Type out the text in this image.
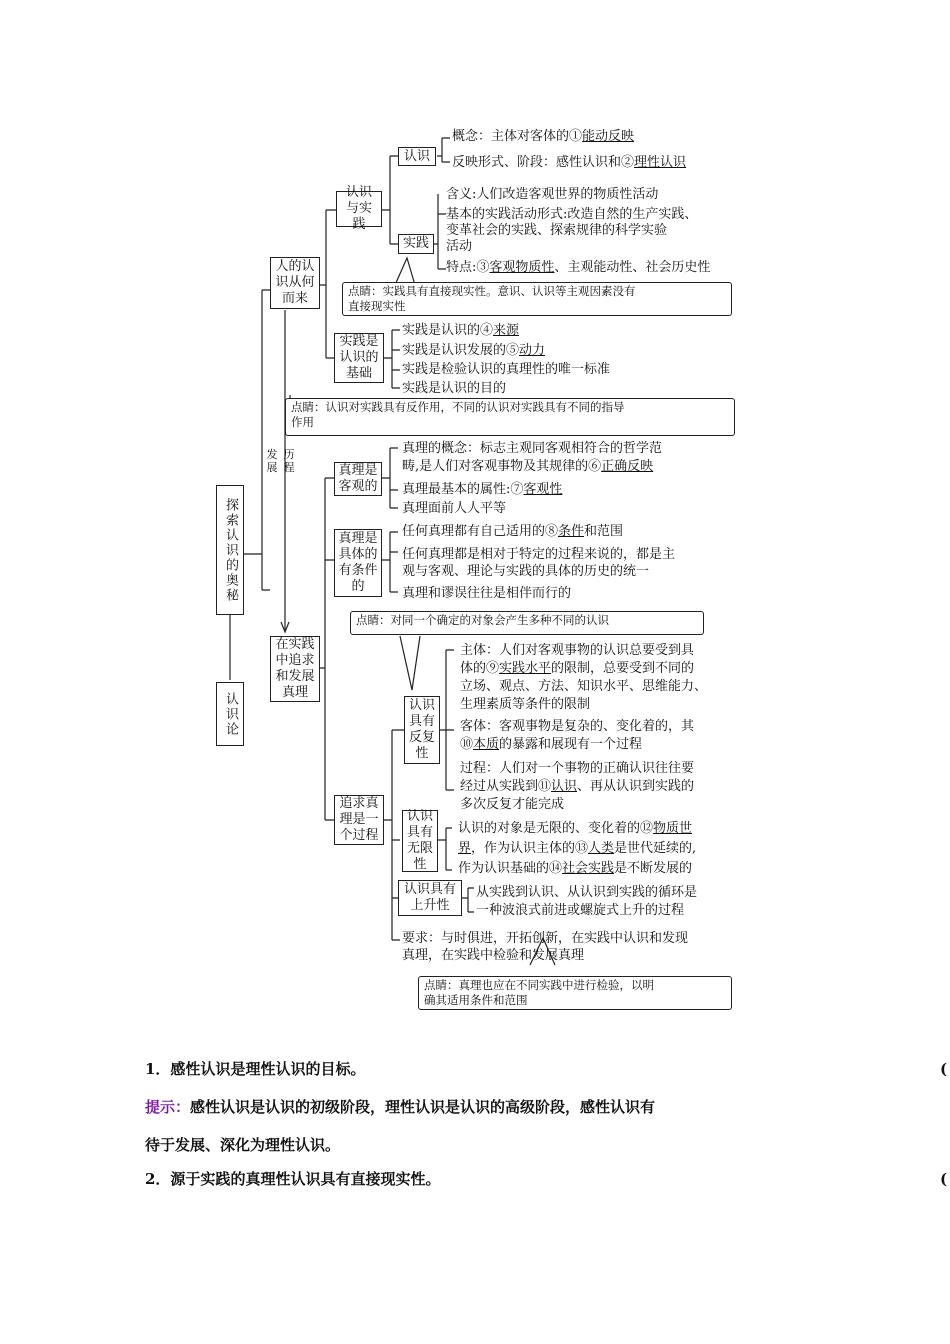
探索认识的奥秘
认识论
发展
历程
人的认识从何而来
在实践中追求和发展真理
认识与实践
认识
概念：主体对客体的①能动反映
反映形式、阶段：感性认识和②理性认识
实践
含义:人们改造客观世界的物质性活动
基本的实践活动形式:改造自然的生产实践、
变革社会的实践、探索规律的科学实验
活动
特点:③客观物质性、主观能动性、社会历史性
点睛：实践具有直接现实性。意识、认识等主观因素没有
直接现实性
实践是认识的基础
实践是认识的④来源
实践是认识发展的⑤动力
实践是检验认识的真理性的唯一标准
实践是认识的目的
点睛：认识对实践具有反作用，不同的认识对实践具有不同的指导
作用
真理是客观的
真理的概念：标志主观同客观相符合的哲学范
畴,是人们对客观事物及其规律的⑥正确反映
真理最基本的属性:⑦客观性
真理面前人人平等
真理是具体的有条件的
任何真理都有自己适用的⑧条件和范围
任何真理都是相对于特定的过程来说的，都是主
观与客观、理论与实践的具体的历史的统一
真理和谬误往往是相伴而行的
点睛：对同一个确定的对象会产生多种不同的认识
追求真理是一个过程
认识具有反复性
主体：人们对客观事物的认识总要受到具
体的⑨实践水平的限制，总要受到不同的
立场、观点、方法、知识水平、思维能力、
生理素质等条件的限制
客体：客观事物是复杂的、变化着的，其
⑩本质的暴露和展现有一个过程
过程：人们对一个事物的正确认识往往要
经过从实践到⑪认识、再从认识到实践的
多次反复才能完成
认识具有无限性
认识的对象是无限的、变化着的⑫物质世
界，作为认识主体的⑬人类是世代延续的,
作为认识基础的⑭社会实践是不断发展的
认识具有上升性
从实践到认识、从认识到实践的循环是
一种波浪式前进或螺旋式上升的过程
要求：与时俱进，开拓创新，在实践中认识和发现
真理，在实践中检验和发展真理
点睛：真理也应在不同实践中进行检验，以明
确其适用条件和范围
1．感性认识是理性认识的目标。	(
提示：感性认识是认识的初级阶段，理性认识是认识的高级阶段，感性认识有
待于发展、深化为理性认识。
2．源于实践的真理性认识具有直接现实性。	(
